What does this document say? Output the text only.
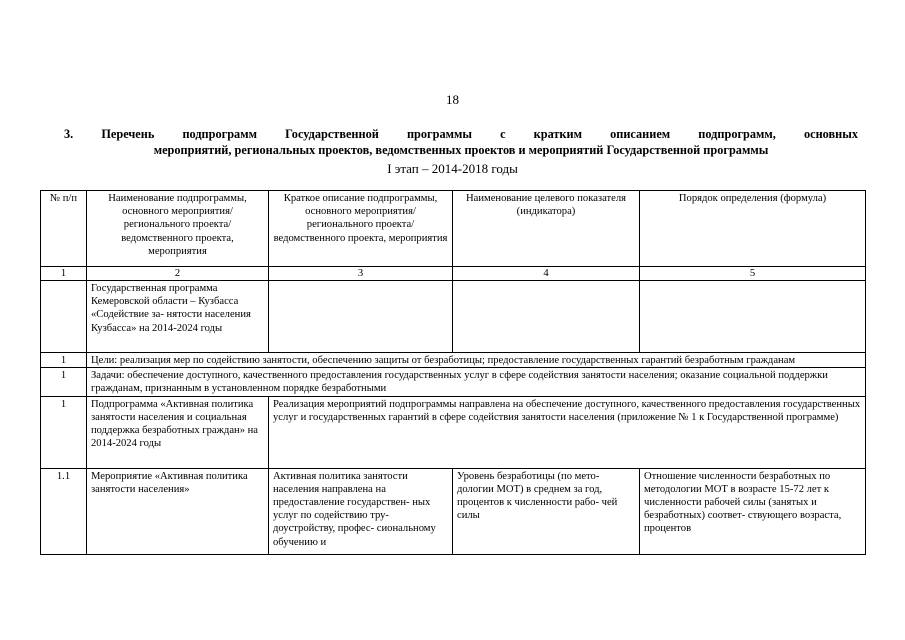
18
3. Перечень подпрограмм Государственной программы с кратким описанием подпрограмм, основных
мероприятий, региональных проектов, ведомственных проектов и мероприятий Государственной программы
I этап – 2014-2018 годы
№ п/п	Наименование подпрограммы, основного мероприятия/ регионального проекта/ ведомственного проекта, мероприятия	Краткое описание подпрограммы, основного мероприятия/регионального проекта/ведомственного проекта, мероприятия	Наименование целевого показателя (индикатора)	Порядок определения (формула)
1	2	3	4	5
	Государственная программа Кемеровской области – Кузбасса «Содействие за- нятости населения Кузбасса» на 2014-2024 годы			
1	Цели: реализация мер по содействию занятости, обеспечению защиты от безработицы; предоставление государственных гарантий безработным гражданам			
1	Задачи: обеспечение доступного, качественного предоставления государственных услуг в сфере содействия занятости населения; оказание социальной поддержки гражданам, признанным в установленном порядке безработными			
1	Подпрограмма «Активная политика занятости населения и социальная поддержка безработных граждан» на 2014-2024 годы	Реализация мероприятий подпрограммы направлена на обеспечение доступного, качественного предоставления государственных услуг и государственных гарантий в сфере содействия занятости населения (приложение № 1 к Государственной программе)		
1.1	Мероприятие «Активная политика занятости населения»	Активная политика занятости населения направлена на предоставление государствен- ных услуг по содействию тру- доустройству, профес- сиональному обучению и	Уровень безработицы (по мето- дологии МОТ) в среднем за год, процентов к численности рабо- чей силы	Отношение численности безработных по методологии МОТ в возрасте 15-72 лет к численности рабочей силы (занятых и безработных) соответ- ствующего возраста, процентов
